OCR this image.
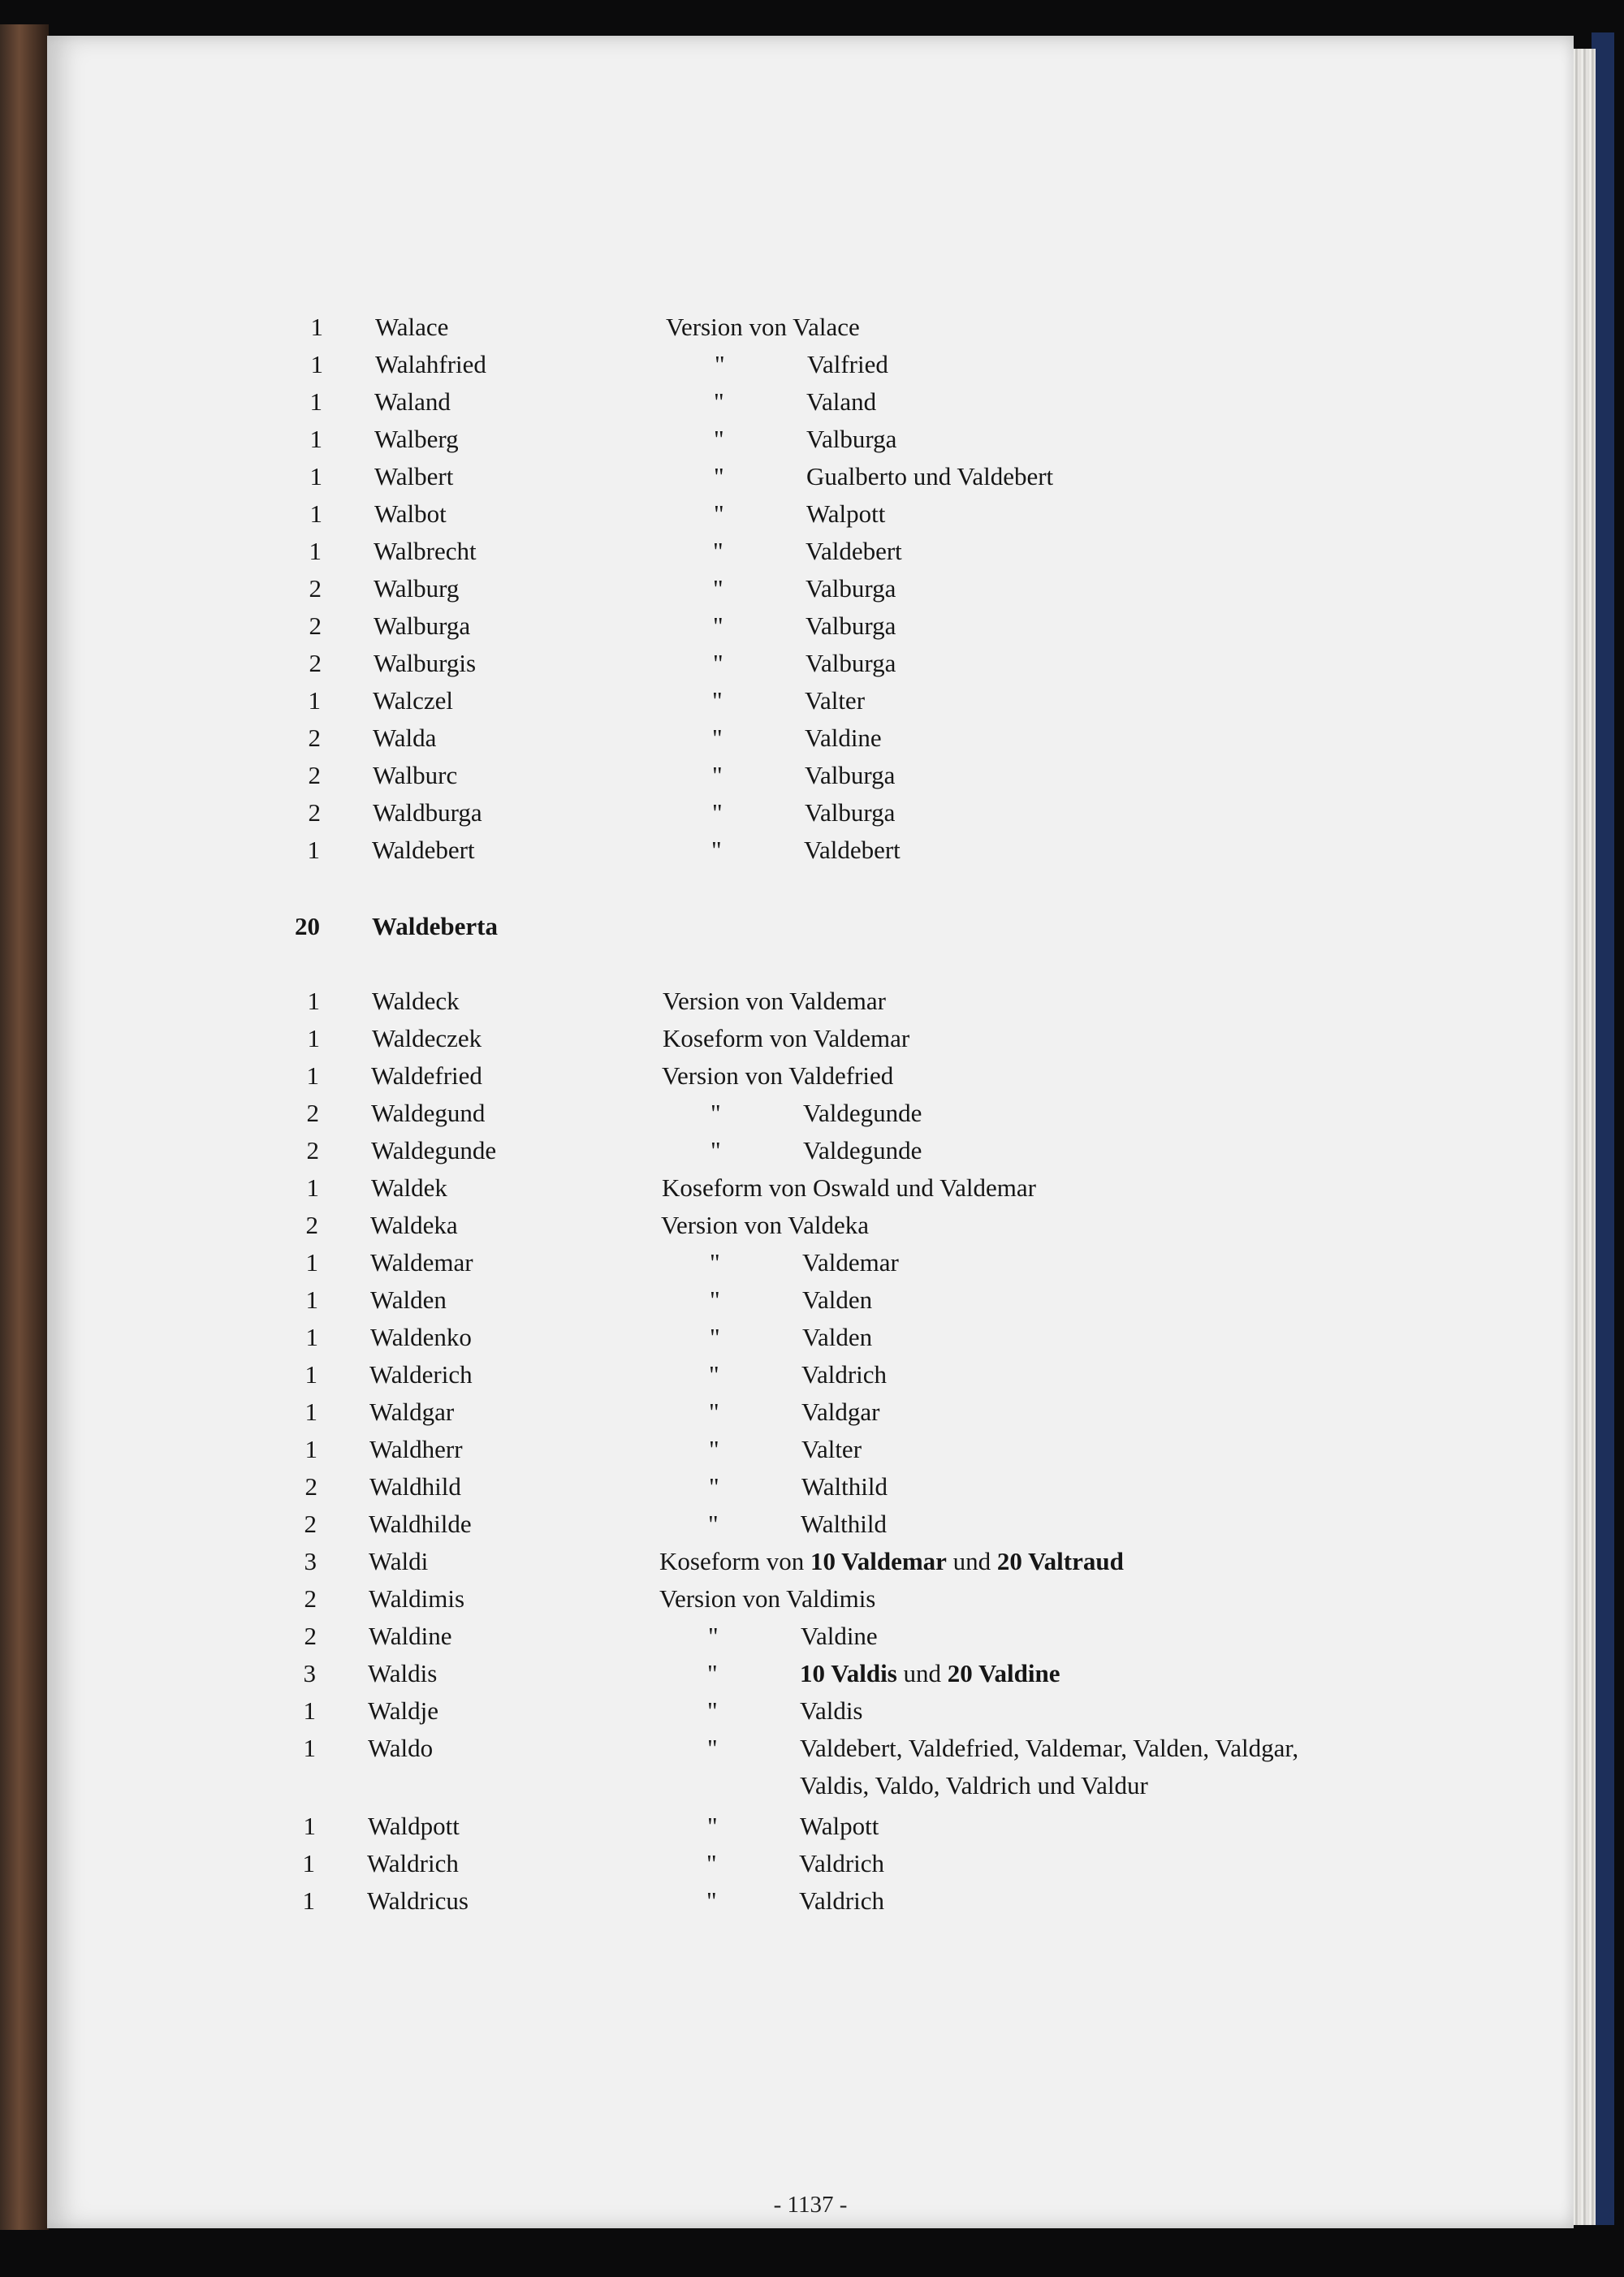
1 Walace	Version von Valace
1 Walahfried	"	Valfried
1 Waland	"	Valand
1 Walberg	"	Valburga
1 Walbert	"	Gualberto und Valdebert
1 Walbot	"	Walpott
1 Walbrecht	"	Valdebert
2 Walburg	"	Valburga
2 Walburga	"	Valburga
2 Walburgis	"	Valburga
1 Walczel	"	Valter
2 Walda	"	Valdine
2 Walburc	"	Valburga
2 Waldburga	"	Valburga
1 Waldebert	"	Valdebert
20 Waldeberta
1 Waldeck	Version von Valdemar
1 Waldeczek	Koseform von Valdemar
1 Waldefried	Version von Valdefried
2 Waldegund	"	Valdegunde
2 Waldegunde	"	Valdegunde
1 Waldek	Koseform von Oswald und Valdemar
2 Waldeka	Version von Valdeka
1 Waldemar	"	Valdemar
1 Walden	"	Valden
1 Waldenko	"	Valden
1 Walderich	"	Valdrich
1 Waldgar	"	Valdgar
1 Waldherr	"	Valter
2 Waldhild	"	Walthild
2 Waldhilde	"	Walthild
3 Waldi	Koseform von 10 Valdemar und 20 Valtraud
2 Waldimis	Version von Valdimis
2 Waldine	"	Valdine
3 Waldis	"	10 Valdis und 20 Valdine
1 Waldje	"	Valdis
1 Waldo	"	Valdebert, Valdefried, Valdemar, Valden, Valdgar,
Valdis, Valdo, Valdrich und Valdur
1 Waldpott	"	Walpott
1 Waldrich	"	Valdrich
1 Waldricus	"	Valdrich
- 1137 -
